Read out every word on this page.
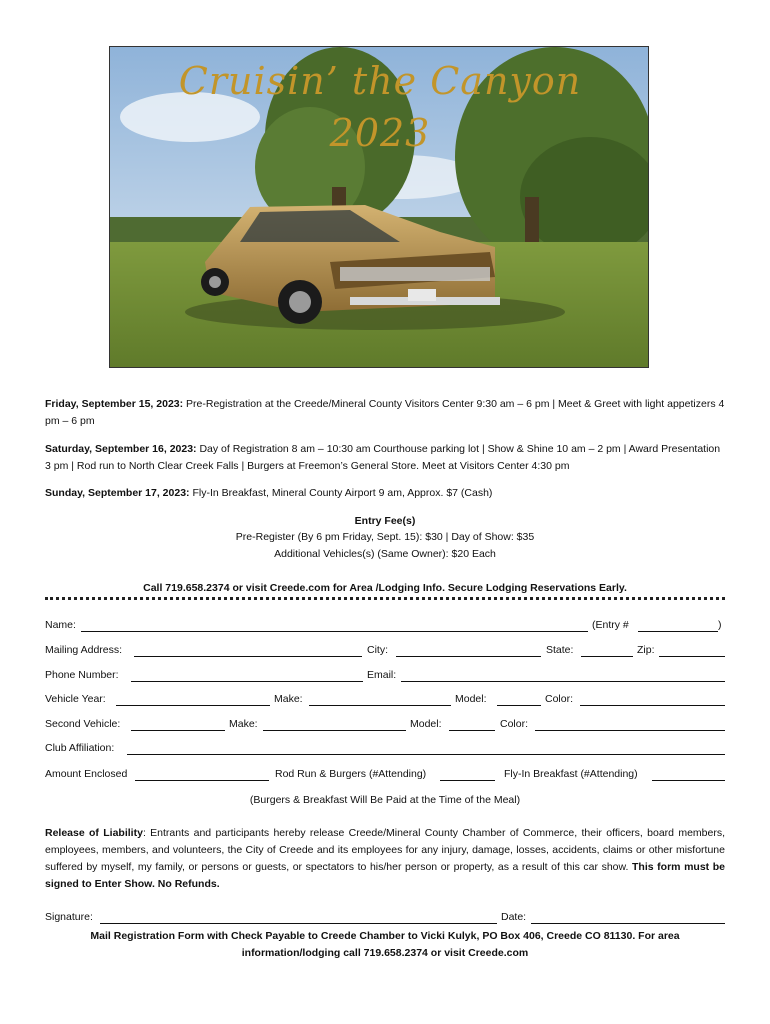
Cruisin’ the Canyon
2023
Friday, September 15, 2023: Pre-Registration at the Creede/Mineral County Visitors Center 9:30 am – 6 pm | Meet & Greet with light appetizers 4 pm – 6 pm
Saturday, September 16, 2023: Day of Registration 8 am – 10:30 am Courthouse parking lot | Show & Shine 10 am – 2 pm | Award Presentation 3 pm | Rod run to North Clear Creek Falls | Burgers at Freemon’s General Store. Meet at Visitors Center 4:30 pm
Sunday, September 17, 2023: Fly-In Breakfast, Mineral County Airport 9 am, Approx. $7 (Cash)
Entry Fee(s)
Pre-Register (By 6 pm Friday, Sept. 15): $30 | Day of Show: $35
Additional Vehicles(s) (Same Owner): $20 Each
Call 719.658.2374 or visit Creede.com for Area /Lodging Info. Secure Lodging Reservations Early.
Name:	(Entry #	)
Mailing Address:	City:	State:	Zip:
Phone Number:	Email:
Vehicle Year:	Make:	Model:	Color:
Second Vehicle:	Make:	Model:	Color:
Club Affiliation:
Amount Enclosed	Rod Run & Burgers (#Attending)	Fly-In Breakfast (#Attending)
(Burgers & Breakfast Will Be Paid at the Time of the Meal)
Release of Liability: Entrants and participants hereby release Creede/Mineral County Chamber of Commerce, their officers, board members, employees, members, and volunteers, the City of Creede and its employees for any injury, damage, losses, accidents, claims or other misfortune suffered by myself, my family, or persons or guests, or spectators to his/her person or property, as a result of this car show. This form must be signed to Enter Show. No Refunds.
Signature:	Date:
Mail Registration Form with Check Payable to Creede Chamber to Vicki Kulyk, PO Box 406, Creede CO 81130. For area
information/lodging call 719.658.2374 or visit Creede.com
